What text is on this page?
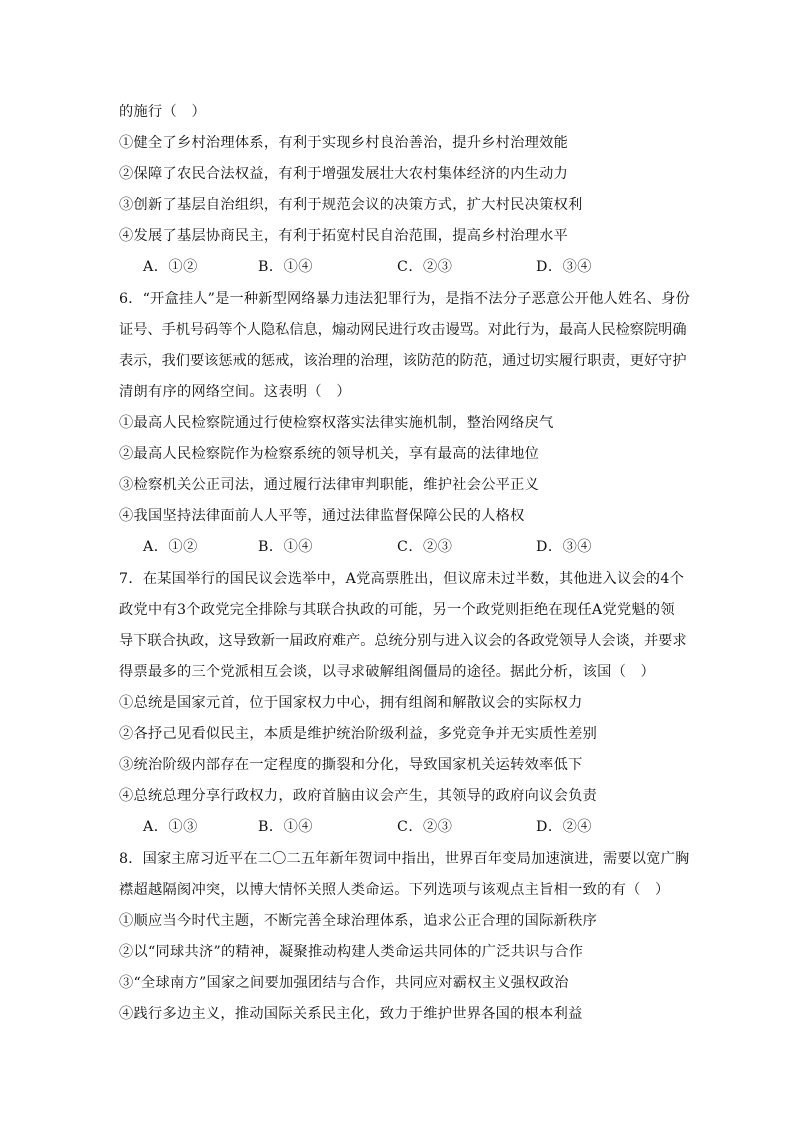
的施行（　）
①健全了乡村治理体系，有利于实现乡村良治善治，提升乡村治理效能
②保障了农民合法权益，有利于增强发展壮大农村集体经济的内生动力
③创新了基层自治组织，有利于规范会议的决策方式，扩大村民决策权利
④发展了基层协商民主，有利于拓宽村民自治范围，提高乡村治理水平
A．①②	B．①④	C．②③	D．③④
6．“开盒挂人”是一种新型网络暴力违法犯罪行为，是指不法分子恶意公开他人姓名、身份
证号、手机号码等个人隐私信息，煽动网民进行攻击谩骂。对此行为，最高人民检察院明确
表示，我们要该惩戒的惩戒，该治理的治理，该防范的防范，通过切实履行职责，更好守护
清朗有序的网络空间。这表明（　）
①最高人民检察院通过行使检察权落实法律实施机制，整治网络戾气
②最高人民检察院作为检察系统的领导机关，享有最高的法律地位
③检察机关公正司法，通过履行法律审判职能，维护社会公平正义
④我国坚持法律面前人人平等，通过法律监督保障公民的人格权
A．①②	B．①④	C．②③	D．③④
7．在某国举行的国民议会选举中，A党高票胜出，但议席未过半数，其他进入议会的4个
政党中有3个政党完全排除与其联合执政的可能，另一个政党则拒绝在现任A党党魁的领
导下联合执政，这导致新一届政府难产。总统分别与进入议会的各政党领导人会谈，并要求
得票最多的三个党派相互会谈，以寻求破解组阁僵局的途径。据此分析，该国（　）
①总统是国家元首，位于国家权力中心，拥有组阁和解散议会的实际权力
②各抒己见看似民主，本质是维护统治阶级利益，多党竞争并无实质性差别
③统治阶级内部存在一定程度的撕裂和分化，导致国家机关运转效率低下
④总统总理分享行政权力，政府首脑由议会产生，其领导的政府向议会负责
A．①③	B．①④	C．②③	D．②④
8．国家主席习近平在二〇二五年新年贺词中指出，世界百年变局加速演进，需要以宽广胸
襟超越隔阂冲突，以博大情怀关照人类命运。下列选项与该观点主旨相一致的有（　）
①顺应当今时代主题，不断完善全球治理体系，追求公正合理的国际新秩序
②以“同球共济”的精神，凝聚推动构建人类命运共同体的广泛共识与合作
③“全球南方”国家之间要加强团结与合作，共同应对霸权主义强权政治
④践行多边主义，推动国际关系民主化，致力于维护世界各国的根本利益
